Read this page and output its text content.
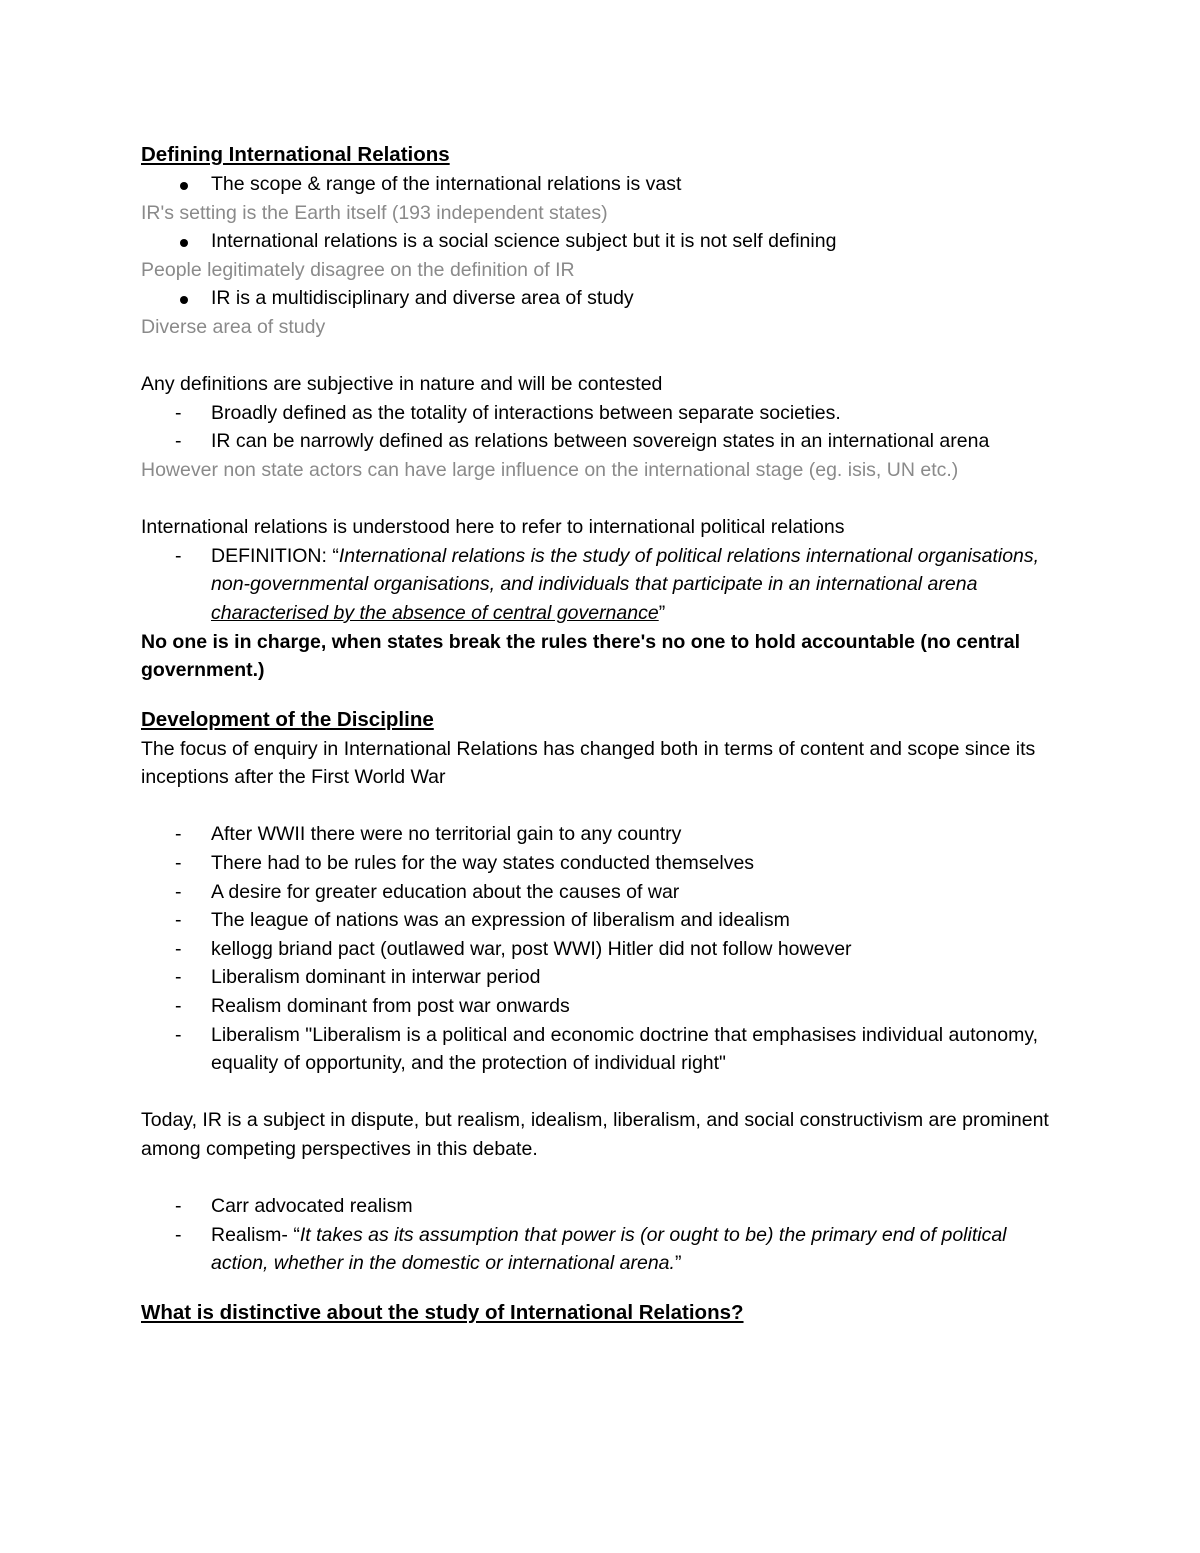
Defining International Relations

The scope & range of the international relations is vast

IR's setting is the Earth itself (193 independent states)

International relations is a social science subject but it is not self defining

People legitimately disagree on the definition of IR

IR is a multidisciplinary and diverse area of study

Diverse area of study

Any definitions are subjective in nature and will be contested

- Broadly defined as the totality of interactions between separate societies.
- IR can be narrowly defined as relations between sovereign states in an international arena

However non state actors can have large influence on the international stage (eg. isis, UN etc.)

International relations is understood here to refer to international political relations

- DEFINITION: “International relations is the study of political relations international organisations, non-governmental organisations, and individuals that participate in an international arena characterised by the absence of central governance”

No one is in charge, when states break the rules there's no one to hold accountable (no central government.)

Development of the Discipline

The focus of enquiry in International Relations has changed both in terms of content and scope since its inceptions after the First World War

- After WWII there were no territorial gain to any country
- There had to be rules for the way states conducted themselves
- A desire for greater education about the causes of war
- The league of nations was an expression of liberalism and idealism
- kellogg briand pact (outlawed war, post WWI) Hitler did not follow however
- Liberalism dominant in interwar period
- Realism dominant from post war onwards
- Liberalism "Liberalism is a political and economic doctrine that emphasises individual autonomy, equality of opportunity, and the protection of individual right"

Today, IR is a subject in dispute, but realism, idealism, liberalism, and social constructivism are prominent among competing perspectives in this debate.

- Carr advocated realism
- Realism- “It takes as its assumption that power is (or ought to be) the primary end of political action, whether in the domestic or international arena.”

What is distinctive about the study of International Relations?
